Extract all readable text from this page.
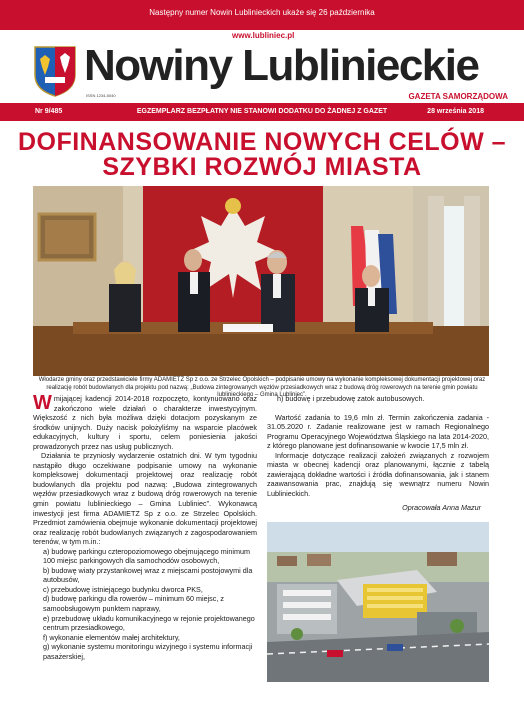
Następny numer Nowin Lublinieckich ukaże się 26 października
www.lubliniec.pl
Nowiny Lublinieckie
ISSN 1234-5040	GAZETA SAMORZĄDOWA
EGZEMPLARZ BEZPŁATNY NIE STANOWI DODATKU DO ŻADNEJ Z GAZET
Nr 9/485	28 września 2018
DOFINANSOWANIE NOWYCH CELÓW –
SZYBKI ROZWÓJ MIASTA
Włodarze gminy oraz przedstawiciele firmy ADAMIETZ Sp z o.o. ze Strzelec Opolskich – podpisanie umowy na wykonanie kompleksowej dokumentacji projektowej oraz realizację robót budowlanych dla projektu pod nazwą: „Budowa zintegrowanych węzłów przesiadkowych wraz z budową dróg rowerowych na terenie gmin powiatu lublinieckiego – Gmina Lubliniec”.

Wmijającej kadencji 2014-2018 rozpoczęto, kontynuowano oraz zakończono wiele działań o charakterze inwestycyjnym. Większość z nich była możliwa dzięki dotacjom pozyskanym ze środków unijnych. Duży nacisk położyliśmy na wsparcie placówek edukacyjnych, kultury i sportu, celem poniesienia jakości prowadzonych przez nas usług publicznych.

Działania te przyniosły wydarzenie ostatnich dni. W tym tygodniu nastąpiło długo oczekiwane podpisanie umowy na wykonanie kompleksowej dokumentacji projektowej oraz realizację robót budowlanych dla projektu pod nazwą: „Budowa zintegrowanych węzłów przesiadkowych wraz z budową dróg rowerowych na terenie gmin powiatu lublinieckiego – Gmina Lubliniec”. Wykonawcą inwestycji jest firma ADAMIETZ Sp z o.o. ze Strzelec Opolskich. Przedmiot zamówienia obejmuje wykonanie dokumentacji projektowej oraz realizację robót budowlanych związanych z zagospodarowaniem terenów, w tym m.in.:

a) budowę parkingu czteropoziomowego obejmującego minimum 100 miejsc parkingowych dla samochodów osobowych,
b) budowę wiaty przystankowej wraz z miejscami postojowymi dla autobusów,
c) przebudowę istniejącego budynku dworca PKS,
d) budowę parkingu dla rowerów – minimum 60 miejsc, z samoobsługowym punktem naprawy,
e) przebudowę układu komunikacyjnego w rejonie projektowanego centrum przesiadkowego,
f) wykonanie elementów małej architektury,
g) wykonanie systemu monitoringu wizyjnego i systemu informacji pasażerskiej,

h) budowę i przebudowę zatok autobusowych.

Wartość zadania to 19,6 mln zł. Termin zakończenia zadania - 31.05.2020 r. Zadanie realizowane jest w ramach Regionalnego Programu Operacyjnego Województwa Śląskiego na lata 2014-2020, z którego planowane jest dofinansowanie w kwocie 17,5 mln zł.

Informacje dotyczące realizacji założeń związanych z rozwojem miasta w obecnej kadencji oraz planowanymi, łącznie z tabelą zawierającą dokładne wartości i źródła dofinansowania, jak i stanem zaawansowania prac, znajdują się wewnątrz numeru Nowin Lublinieckich.

Opracowała Anna Mazur
